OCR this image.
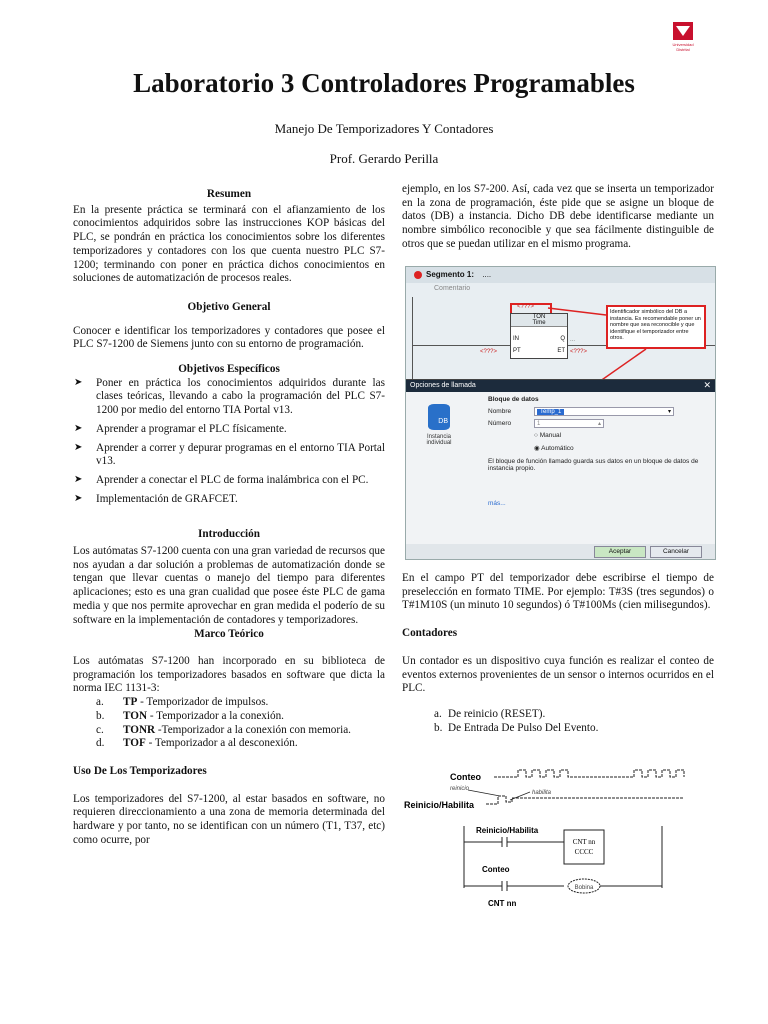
Universidad
Distrital
Laboratorio 3 Controladores Programables
Manejo De Temporizadores Y Contadores
Prof. Gerardo Perilla

Resumen

En la presente práctica se terminará con el afianzamiento de los conocimientos adquiridos sobre las instrucciones KOP básicas del PLC, se pondrán en práctica los conocimientos sobre los diferentes temporizadores y contadores con los que cuenta nuestro PLC S7-1200; terminando con poner en práctica dichos conocimientos en soluciones de automatización de procesos reales.

Objetivo General

Conocer e identificar los temporizadores y contadores que posee el PLC S7-1200 de Siemens junto con su entorno de programación.

Objetivos Específicos

➤ Poner en práctica los conocimientos adquiridos durante las clases teóricas, llevando a cabo la programación del PLC S7-1200 por medio del entorno TIA Portal v13.
➤ Aprender a programar el PLC físicamente.
➤ Aprender a correr y depurar programas en el entorno TIA Portal v13.
➤ Aprender a conectar el PLC de forma inalámbrica con el PC.
➤ Implementación de GRAFCET.

Introducción

Los autómatas S7-1200 cuenta con una gran variedad de recursos que nos ayudan a dar solución a problemas de automatización donde se tengan que llevar cuentas o manejo del tiempo para diferentes aplicaciones; esto es una gran cualidad que posee éste PLC de gama media y que nos permite aprovechar en gran medida el poderío de su software en la implementación de contadores y temporizadores.

Marco Teórico

Los autómatas S7-1200 han incorporado en su biblioteca de programación los temporizadores basados en software que dicta la norma IEC 1131-3:

a. TP - Temporizador de impulsos.
b. TON - Temporizador a la conexión.
c. TONR -Temporizador a la conexión con memoria.
d. TOF - Temporizador a al desconexión.

Uso De Los Temporizadores

Los temporizadores del S7-1200, al estar basados en software, no requieren direccionamiento a una zona de memoria determinada del hardware y por tanto, no se identifican con un número (T1, T37, etc) como ocurre, por

ejemplo, en los S7-200. Así, cada vez que se inserta un temporizador en la zona de programación, éste pide que se asigne un bloque de datos (DB) a instancia. Dicho DB debe identificarse mediante un nombre simbólico reconocible y que sea fácilmente distinguible de otros que se puedan utilizar en el mismo programa.

Segmento 1: ....
Comentario
<???>
TON
Time
IN	Q
PT	ET
<???>
...
<???>
Identificador simbólico del DB a instancia. Es recomendable poner un nombre que sea reconocible y que identifique el temporizador entre otros.
Opciones de llamada	✕
DB
Instancia individual
Bloque de datos
Nombre	Temp_1	▾
Número	1	▴
○ Manual
◉ Automático
El bloque de función llamado guarda sus datos en un bloque de datos de instancia propio.
más...
Aceptar	Cancelar

En el campo PT del temporizador debe escribirse el tiempo de preselección en formato TIME. Por ejemplo: T#3S (tres segundos) o T#1M10S (un minuto 10 segundos) ó T#100Ms (cien milisegundos).

Contadores

Un contador es un dispositivo cuya función es realizar el conteo de eventos externos provenientes de un sensor o internos ocurridos en el PLC.

a. De reinicio (RESET).
b. De Entrada De Pulso Del Evento.
Conteo
reinicio
habilita
Reinicio/Habilita
Reinicio/Habilita
CNT nn
CCCC
Conteo
Bobina
CNT nn
